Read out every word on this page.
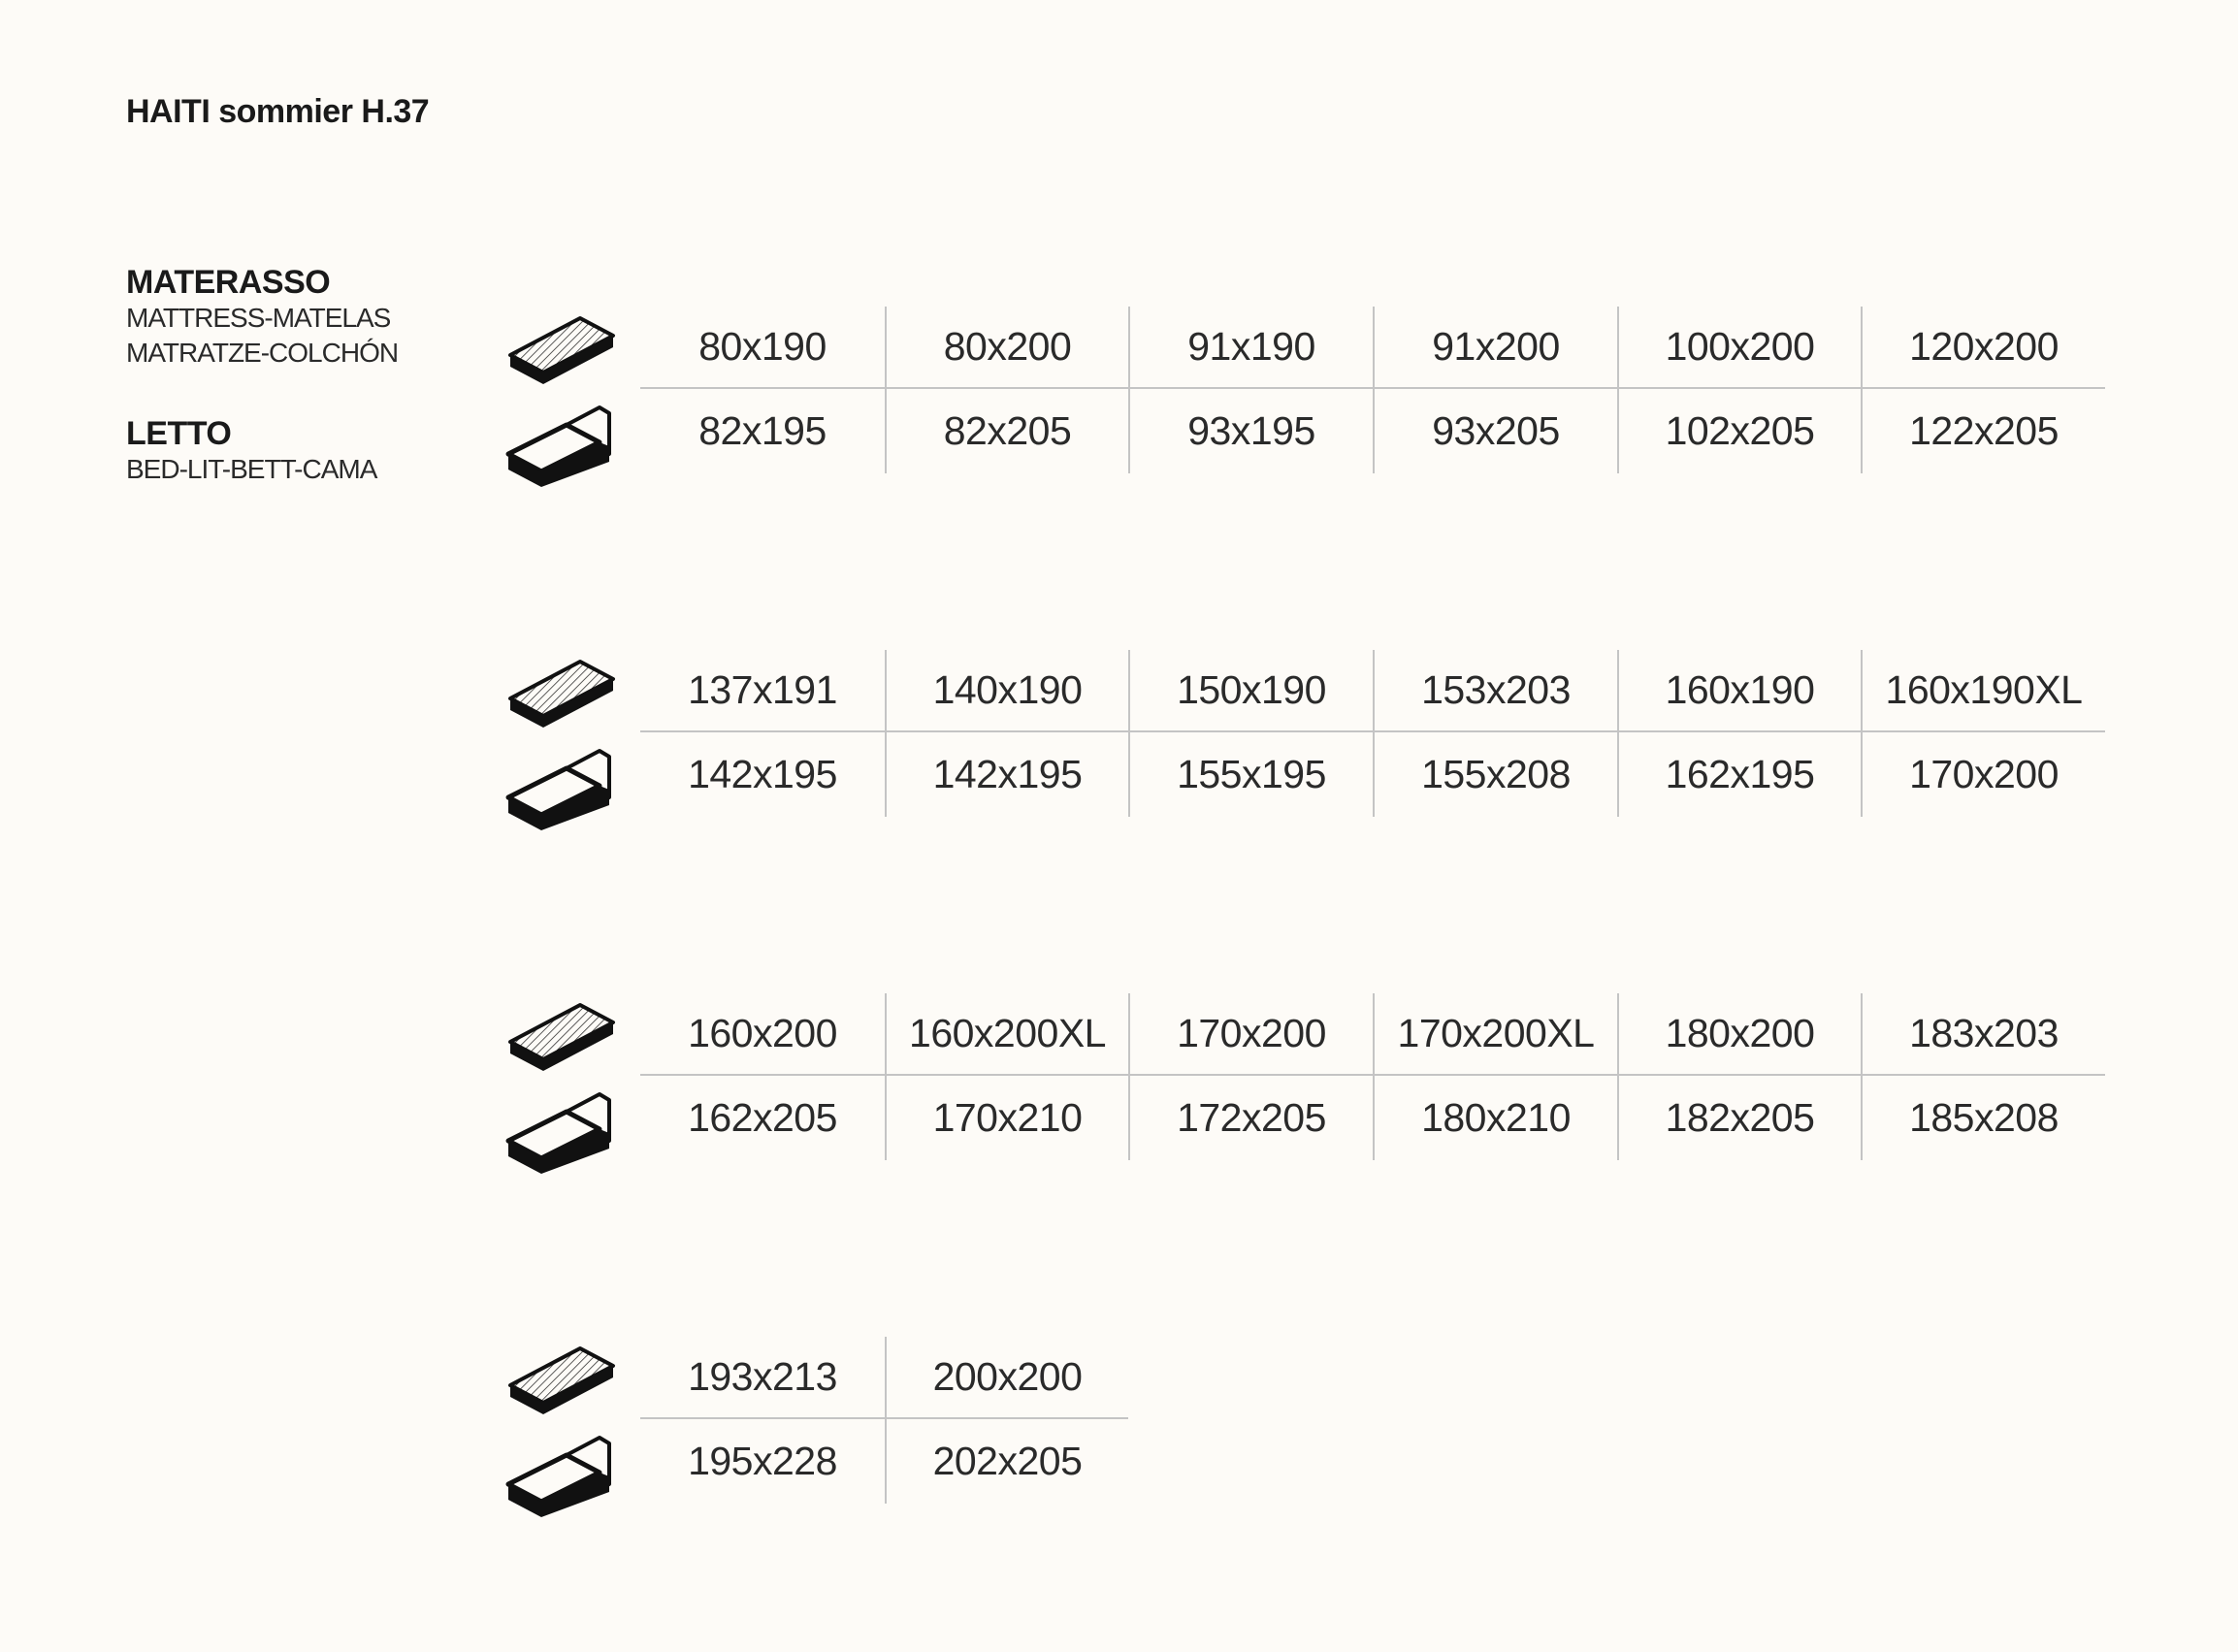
HAITI sommier H.37
MATERASSO
MATTRESS-MATELAS
MATRATZE-COLCHÓN
LETTO
BED-LIT-BETT-CAMA
80x190	80x200	91x190	91x200	100x200	120x200
82x195	82x205	93x195	93x205	102x205	122x205
137x191	140x190	150x190	153x203	160x190	160x190XL
142x195	142x195	155x195	155x208	162x195	170x200
160x200	160x200XL	170x200	170x200XL	180x200	183x203
162x205	170x210	172x205	180x210	182x205	185x208
193x213	200x200
195x228	202x205
